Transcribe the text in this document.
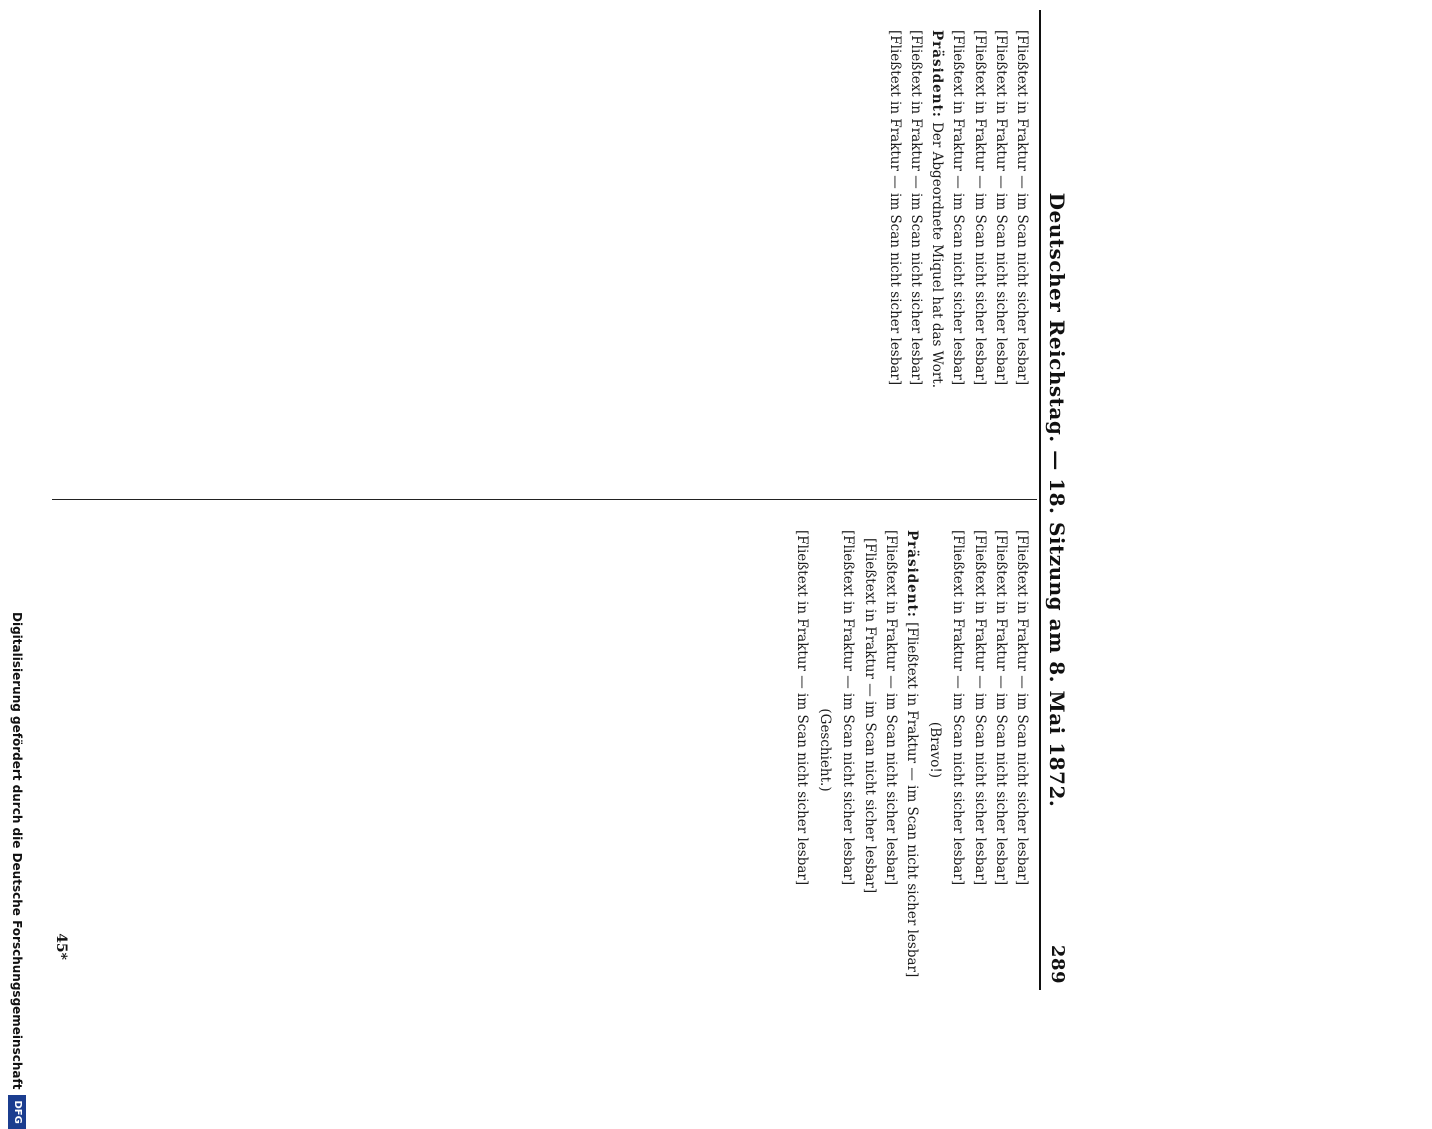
Digitalisierung gefördert durch die Deutsche Forschungsgemeinschaft
DFG
Deutscher Reichstag. — 18. Sitzung am 8. Mai 1872.
289

[Fließtext in Fraktur — im Scan nicht sicher lesbar]

[Fließtext in Fraktur — im Scan nicht sicher lesbar]

[Fließtext in Fraktur — im Scan nicht sicher lesbar]

[Fließtext in Fraktur — im Scan nicht sicher lesbar]

Präsident: Der Abgeordnete Miquel hat das Wort.

[Fließtext in Fraktur — im Scan nicht sicher lesbar]

[Fließtext in Fraktur — im Scan nicht sicher lesbar]

[Fließtext in Fraktur — im Scan nicht sicher lesbar]

[Fließtext in Fraktur — im Scan nicht sicher lesbar]

[Fließtext in Fraktur — im Scan nicht sicher lesbar]

[Fließtext in Fraktur — im Scan nicht sicher lesbar]

(Bravo!)

Präsident: [Fließtext in Fraktur — im Scan nicht sicher lesbar]

[Fließtext in Fraktur — im Scan nicht sicher lesbar]

[Fließtext in Fraktur — im Scan nicht sicher lesbar]

[Fließtext in Fraktur — im Scan nicht sicher lesbar]

(Geschieht.)

[Fließtext in Fraktur — im Scan nicht sicher lesbar]

45*
